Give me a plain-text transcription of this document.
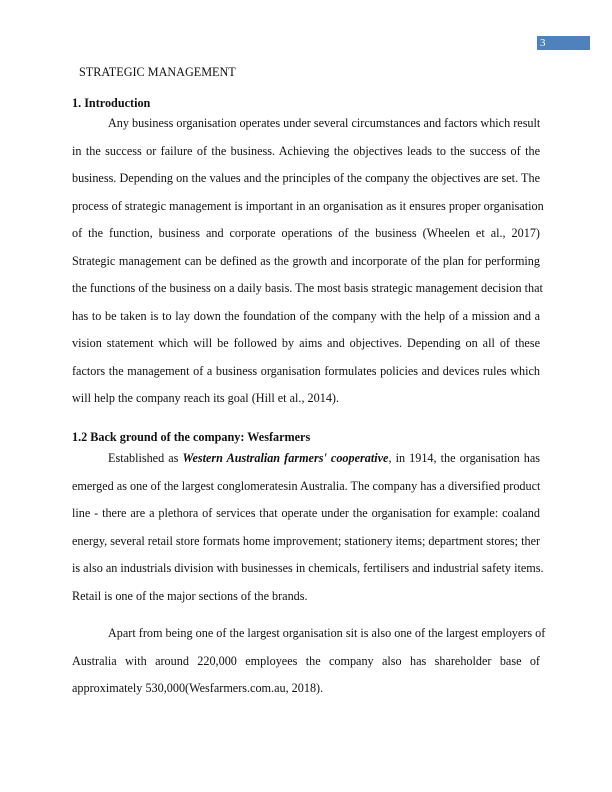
3
STRATEGIC MANAGEMENT
1. Introduction
Any business organisation operates under several circumstances and factors which result
in the success or failure of the business. Achieving the objectives leads to the success of the
business. Depending on the values and the principles of the company the objectives are set. The
process of strategic management is important in an organisation as it ensures proper organisation
of the function, business and corporate operations of the business (Wheelen et al., 2017)
Strategic management can be defined as the growth and incorporate of the plan for performing
the functions of the business on a daily basis. The most basis strategic management decision that
has to be taken is to lay down the foundation of the company with the help of a mission and a
vision statement which will be followed by aims and objectives. Depending on all of these
factors the management of a business organisation formulates policies and devices rules which
will help the company reach its goal (Hill et al., 2014).
1.2 Back ground of the company: Wesfarmers
Established as Western Australian farmers' cooperative, in 1914, the organisation has
emerged as one of the largest conglomeratesin Australia. The company has a diversified product
line - there are a plethora of services that operate under the organisation for example: coaland
energy, several retail store formats home improvement; stationery items; department stores; ther
is also an industrials division with businesses in chemicals, fertilisers and industrial safety items.
Retail is one of the major sections of the brands.
Apart from being one of the largest organisation sit is also one of the largest employers of
Australia with around 220,000 employees the company also has shareholder base of
approximately 530,000(Wesfarmers.com.au, 2018).
